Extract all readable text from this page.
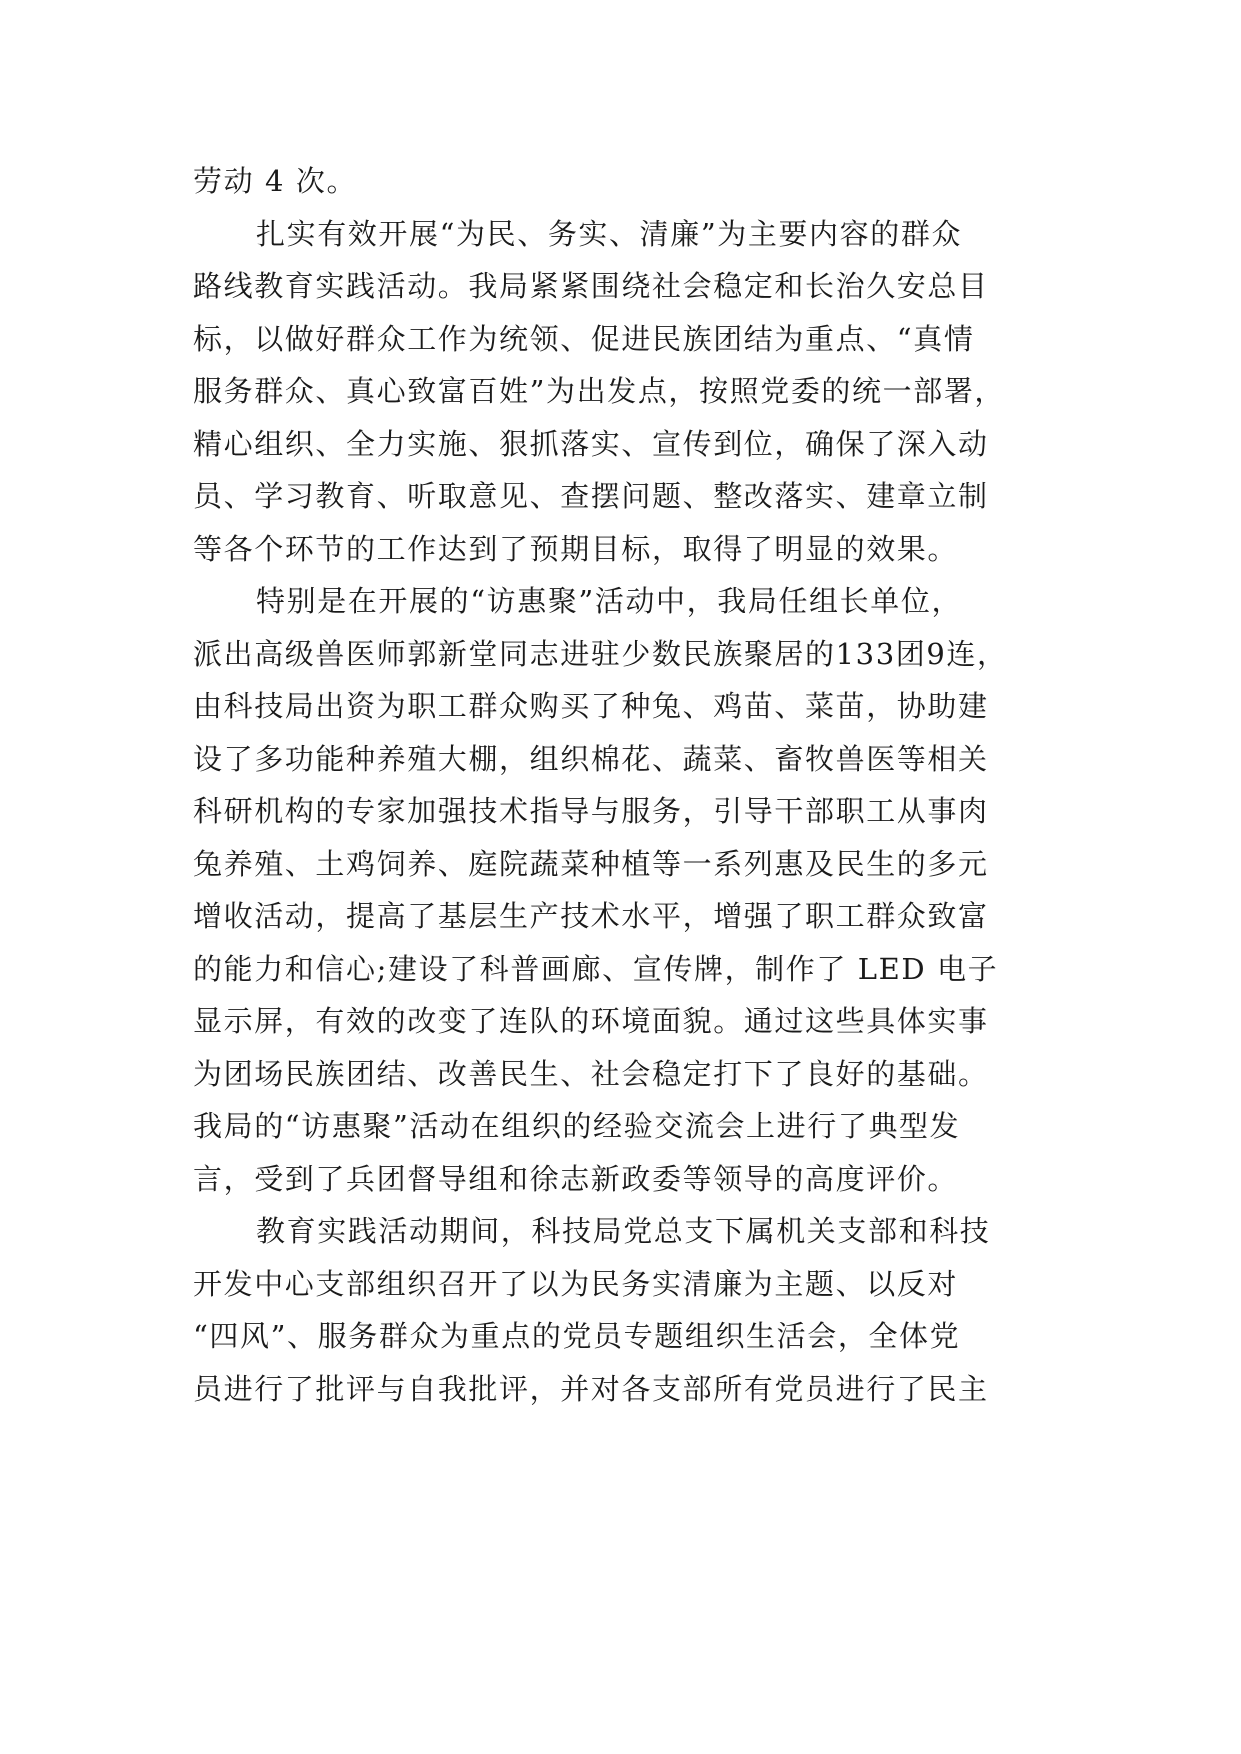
劳动 4 次。
扎实有效开展“为民、务实、清廉”为主要内容的群众
路线教育实践活动。我局紧紧围绕社会稳定和长治久安总目
标，以做好群众工作为统领、促进民族团结为重点、“真情
服务群众、真心致富百姓”为出发点，按照党委的统一部署，
精心组织、全力实施、狠抓落实、宣传到位，确保了深入动
员、学习教育、听取意见、查摆问题、整改落实、建章立制
等各个环节的工作达到了预期目标，取得了明显的效果。
特别是在开展的“访惠聚”活动中，我局任组长单位，
派出高级兽医师郭新堂同志进驻少数民族聚居的133团9连，
由科技局出资为职工群众购买了种兔、鸡苗、菜苗，协助建
设了多功能种养殖大棚，组织棉花、蔬菜、畜牧兽医等相关
科研机构的专家加强技术指导与服务，引导干部职工从事肉
兔养殖、土鸡饲养、庭院蔬菜种植等一系列惠及民生的多元
增收活动，提高了基层生产技术水平，增强了职工群众致富
的能力和信心;建设了科普画廊、宣传牌，制作了 LED 电子
显示屏，有效的改变了连队的环境面貌。通过这些具体实事
为团场民族团结、改善民生、社会稳定打下了良好的基础。
我局的“访惠聚”活动在组织的经验交流会上进行了典型发
言，受到了兵团督导组和徐志新政委等领导的高度评价。
教育实践活动期间，科技局党总支下属机关支部和科技
开发中心支部组织召开了以为民务实清廉为主题、以反对
“四风”、服务群众为重点的党员专题组织生活会，全体党
员进行了批评与自我批评，并对各支部所有党员进行了民主
